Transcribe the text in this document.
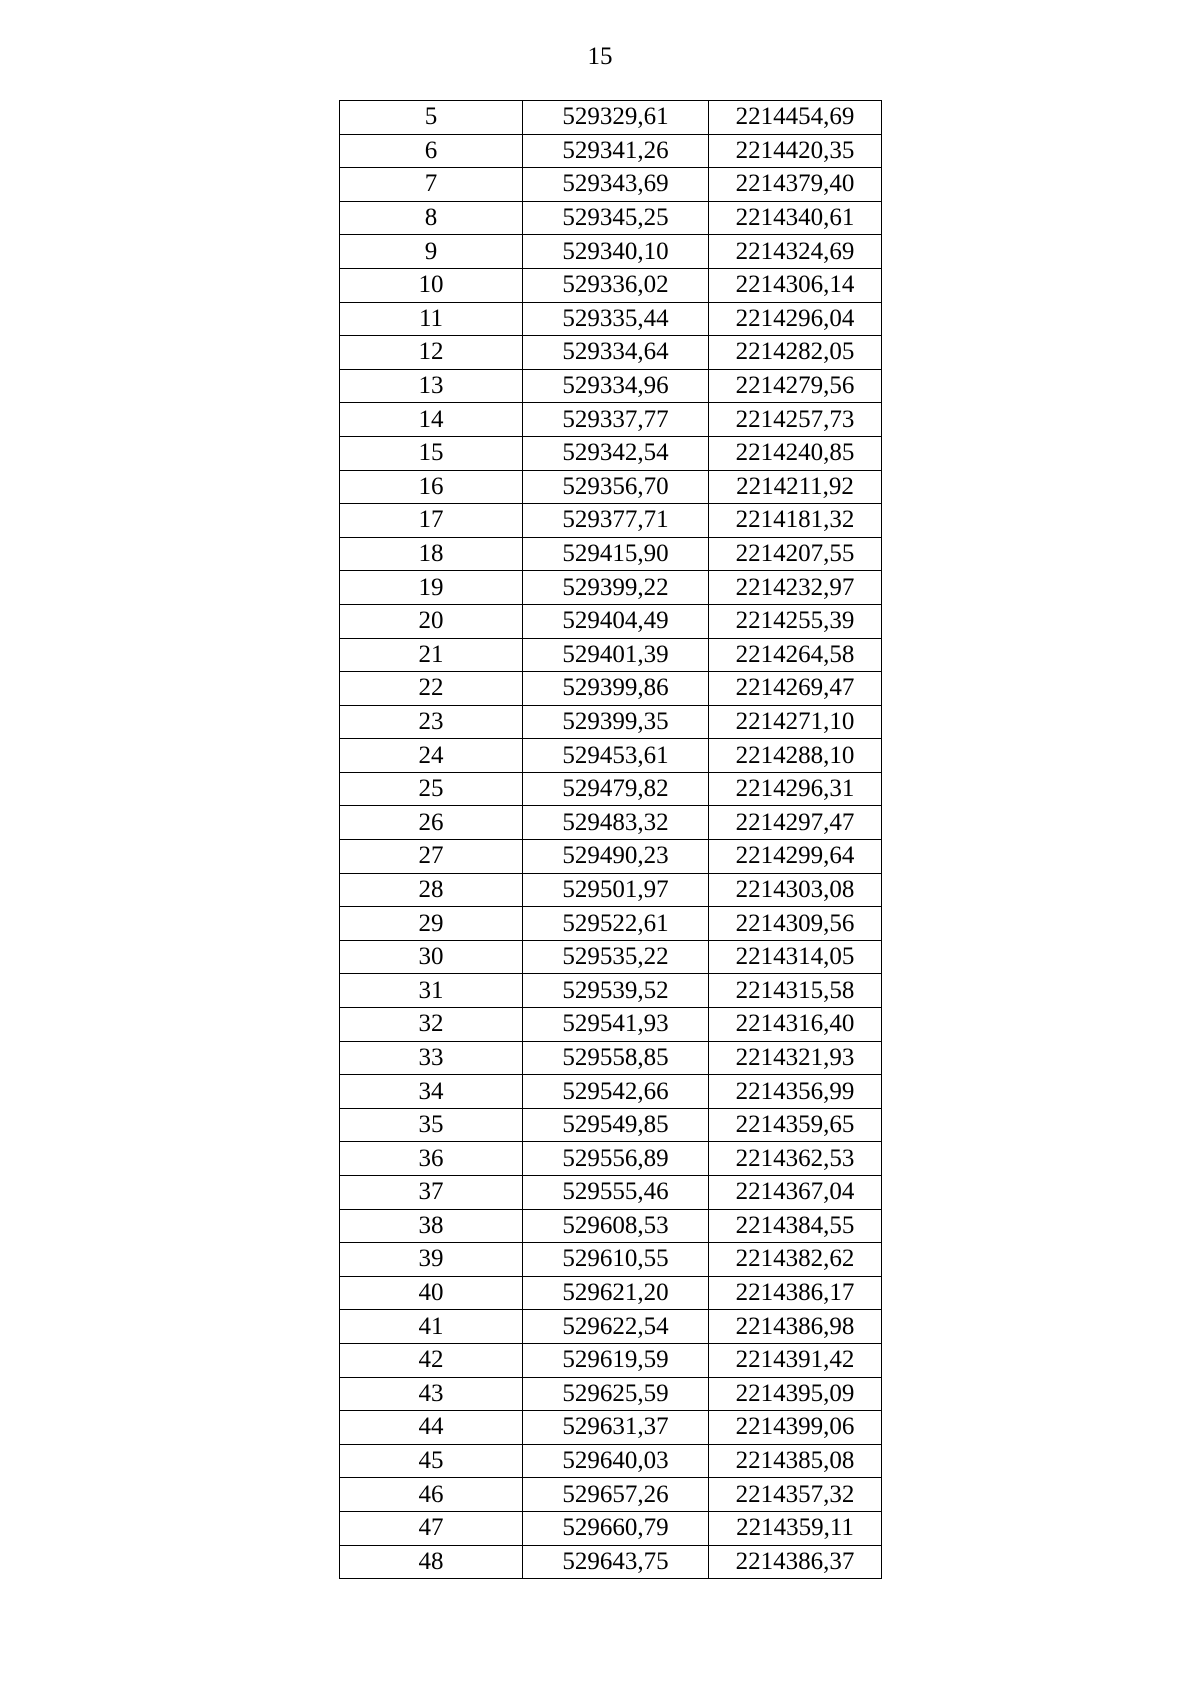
15
5	529329,61	2214454,69
6	529341,26	2214420,35
7	529343,69	2214379,40
8	529345,25	2214340,61
9	529340,10	2214324,69
10	529336,02	2214306,14
11	529335,44	2214296,04
12	529334,64	2214282,05
13	529334,96	2214279,56
14	529337,77	2214257,73
15	529342,54	2214240,85
16	529356,70	2214211,92
17	529377,71	2214181,32
18	529415,90	2214207,55
19	529399,22	2214232,97
20	529404,49	2214255,39
21	529401,39	2214264,58
22	529399,86	2214269,47
23	529399,35	2214271,10
24	529453,61	2214288,10
25	529479,82	2214296,31
26	529483,32	2214297,47
27	529490,23	2214299,64
28	529501,97	2214303,08
29	529522,61	2214309,56
30	529535,22	2214314,05
31	529539,52	2214315,58
32	529541,93	2214316,40
33	529558,85	2214321,93
34	529542,66	2214356,99
35	529549,85	2214359,65
36	529556,89	2214362,53
37	529555,46	2214367,04
38	529608,53	2214384,55
39	529610,55	2214382,62
40	529621,20	2214386,17
41	529622,54	2214386,98
42	529619,59	2214391,42
43	529625,59	2214395,09
44	529631,37	2214399,06
45	529640,03	2214385,08
46	529657,26	2214357,32
47	529660,79	2214359,11
48	529643,75	2214386,37
